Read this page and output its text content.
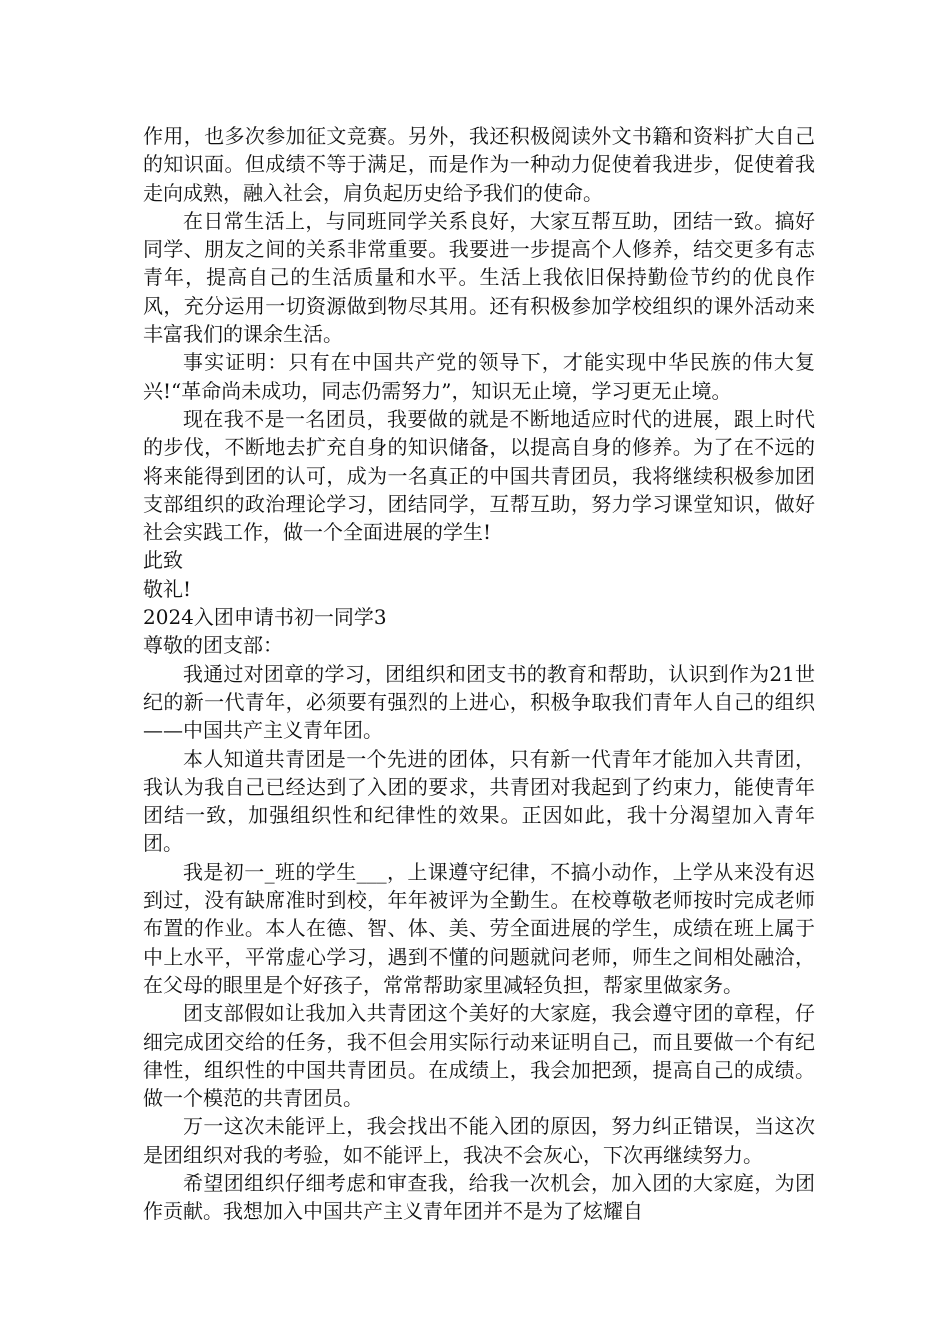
作用，也多次参加征文竞赛。另外，我还积极阅读外文书籍和资料扩大自己的知识面。但成绩不等于满足，而是作为一种动力促使着我进步，促使着我走向成熟，融入社会，肩负起历史给予我们的使命。

在日常生活上，与同班同学关系良好，大家互帮互助，团结一致。搞好同学、朋友之间的关系非常重要。我要进一步提高个人修养，结交更多有志青年，提高自己的生活质量和水平。生活上我依旧保持勤俭节约的优良作风，充分运用一切资源做到物尽其用。还有积极参加学校组织的课外活动来丰富我们的课余生活。

事实证明：只有在中国共产党的领导下，才能实现中华民族的伟大复兴!“革命尚未成功，同志仍需努力”，知识无止境，学习更无止境。

现在我不是一名团员，我要做的就是不断地适应时代的进展，跟上时代的步伐，不断地去扩充自身的知识储备，以提高自身的修养。为了在不远的将来能得到团的认可，成为一名真正的中国共青团员，我将继续积极参加团支部组织的政治理论学习，团结同学，互帮互助，努力学习课堂知识，做好社会实践工作，做一个全面进展的学生!

此致

敬礼!

2024入团申请书初一同学3

尊敬的团支部：

我通过对团章的学习，团组织和团支书的教育和帮助，认识到作为21世纪的新一代青年，必须要有强烈的上进心，积极争取我们青年人自己的组织——中国共产主义青年团。

本人知道共青团是一个先进的团体，只有新一代青年才能加入共青团，我认为我自己已经达到了入团的要求，共青团对我起到了约束力，能使青年团结一致，加强组织性和纪律性的效果。正因如此，我十分渴望加入青年团。

我是初一_班的学生___，上课遵守纪律，不搞小动作，上学从来没有迟到过，没有缺席准时到校，年年被评为全勤生。在校尊敬老师按时完成老师布置的作业。本人在德、智、体、美、劳全面进展的学生，成绩在班上属于中上水平，平常虚心学习，遇到不懂的问题就问老师，师生之间相处融洽，在父母的眼里是个好孩子，常常帮助家里减轻负担，帮家里做家务。

团支部假如让我加入共青团这个美好的大家庭，我会遵守团的章程，仔细完成团交给的任务，我不但会用实际行动来证明自己，而且要做一个有纪律性，组织性的中国共青团员。在成绩上，我会加把颈，提高自己的成绩。做一个模范的共青团员。

万一这次未能评上，我会找出不能入团的原因，努力纠正错误，当这次是团组织对我的考验，如不能评上，我决不会灰心，下次再继续努力。

希望团组织仔细考虑和审查我，给我一次机会，加入团的大家庭，为团作贡献。我想加入中国共产主义青年团并不是为了炫耀自
